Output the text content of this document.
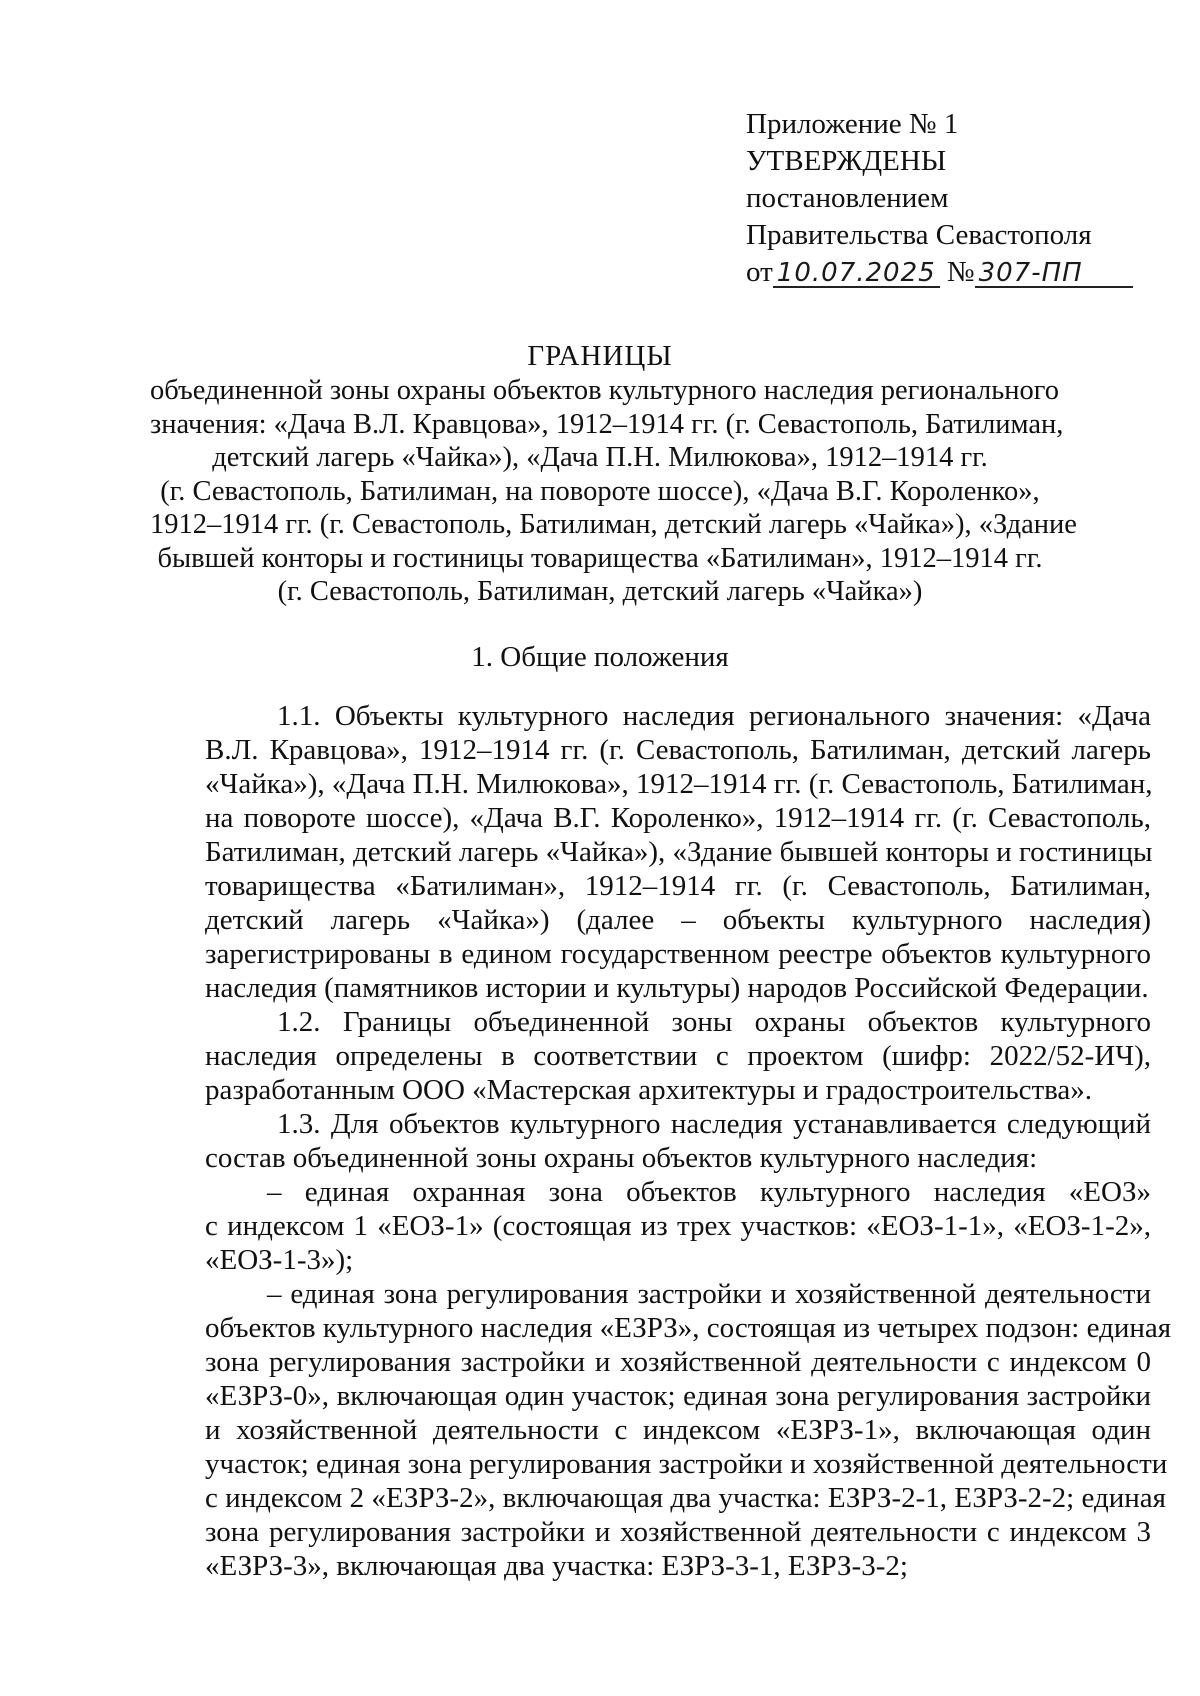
Приложение № 1
УТВЕРЖДЕНЫ
постановлением
Правительства Севастополя
от 10.07.2025 № 307-ПП
ГРАНИЦЫ
объединенной зоны охраны объектов культурного наследия регионального
значения: «Дача В.Л. Кравцова», 1912–1914 гг. (г. Севастополь, Батилиман,
детский лагерь «Чайка»), «Дача П.Н. Милюкова», 1912–1914 гг.
(г. Севастополь, Батилиман, на повороте шоссе), «Дача В.Г. Короленко»,
1912–1914 гг. (г. Севастополь, Батилиман, детский лагерь «Чайка»), «Здание
бывшей конторы и гостиницы товарищества «Батилиман», 1912–1914 гг.
(г. Севастополь, Батилиман, детский лагерь «Чайка»)
1. Общие положения
1.1. Объекты культурного наследия регионального значения: «Дача
В.Л. Кравцова», 1912–1914 гг. (г. Севастополь, Батилиман, детский лагерь
«Чайка»), «Дача П.Н. Милюкова», 1912–1914 гг. (г. Севастополь, Батилиман,
на повороте шоссе), «Дача В.Г. Короленко», 1912–1914 гг. (г. Севастополь,
Батилиман, детский лагерь «Чайка»), «Здание бывшей конторы и гостиницы
товарищества «Батилиман», 1912–1914 гг. (г. Севастополь, Батилиман,
детский лагерь «Чайка») (далее – объекты культурного наследия)
зарегистрированы в едином государственном реестре объектов культурного
наследия (памятников истории и культуры) народов Российской Федерации.
1.2. Границы объединенной зоны охраны объектов культурного
наследия определены в соответствии с проектом (шифр: 2022/52-ИЧ),
разработанным ООО «Мастерская архитектуры и градостроительства».
1.3. Для объектов культурного наследия устанавливается следующий
состав объединенной зоны охраны объектов культурного наследия:
– единая охранная зона объектов культурного наследия «ЕОЗ»
с индексом 1 «ЕОЗ-1» (состоящая из трех участков: «ЕОЗ-1-1», «ЕОЗ-1-2»,
«ЕОЗ-1-3»);
– единая зона регулирования застройки и хозяйственной деятельности
объектов культурного наследия «ЕЗРЗ», состоящая из четырех подзон: единая
зона регулирования застройки и хозяйственной деятельности с индексом 0
«ЕЗРЗ-0», включающая один участок; единая зона регулирования застройки
и хозяйственной деятельности с индексом «ЕЗРЗ-1», включающая один
участок; единая зона регулирования застройки и хозяйственной деятельности
с индексом 2 «ЕЗРЗ-2», включающая два участка: ЕЗРЗ-2-1, ЕЗРЗ-2-2; единая
зона регулирования застройки и хозяйственной деятельности с индексом 3
«ЕЗРЗ-3», включающая два участка: ЕЗРЗ-3-1, ЕЗРЗ-3-2;
